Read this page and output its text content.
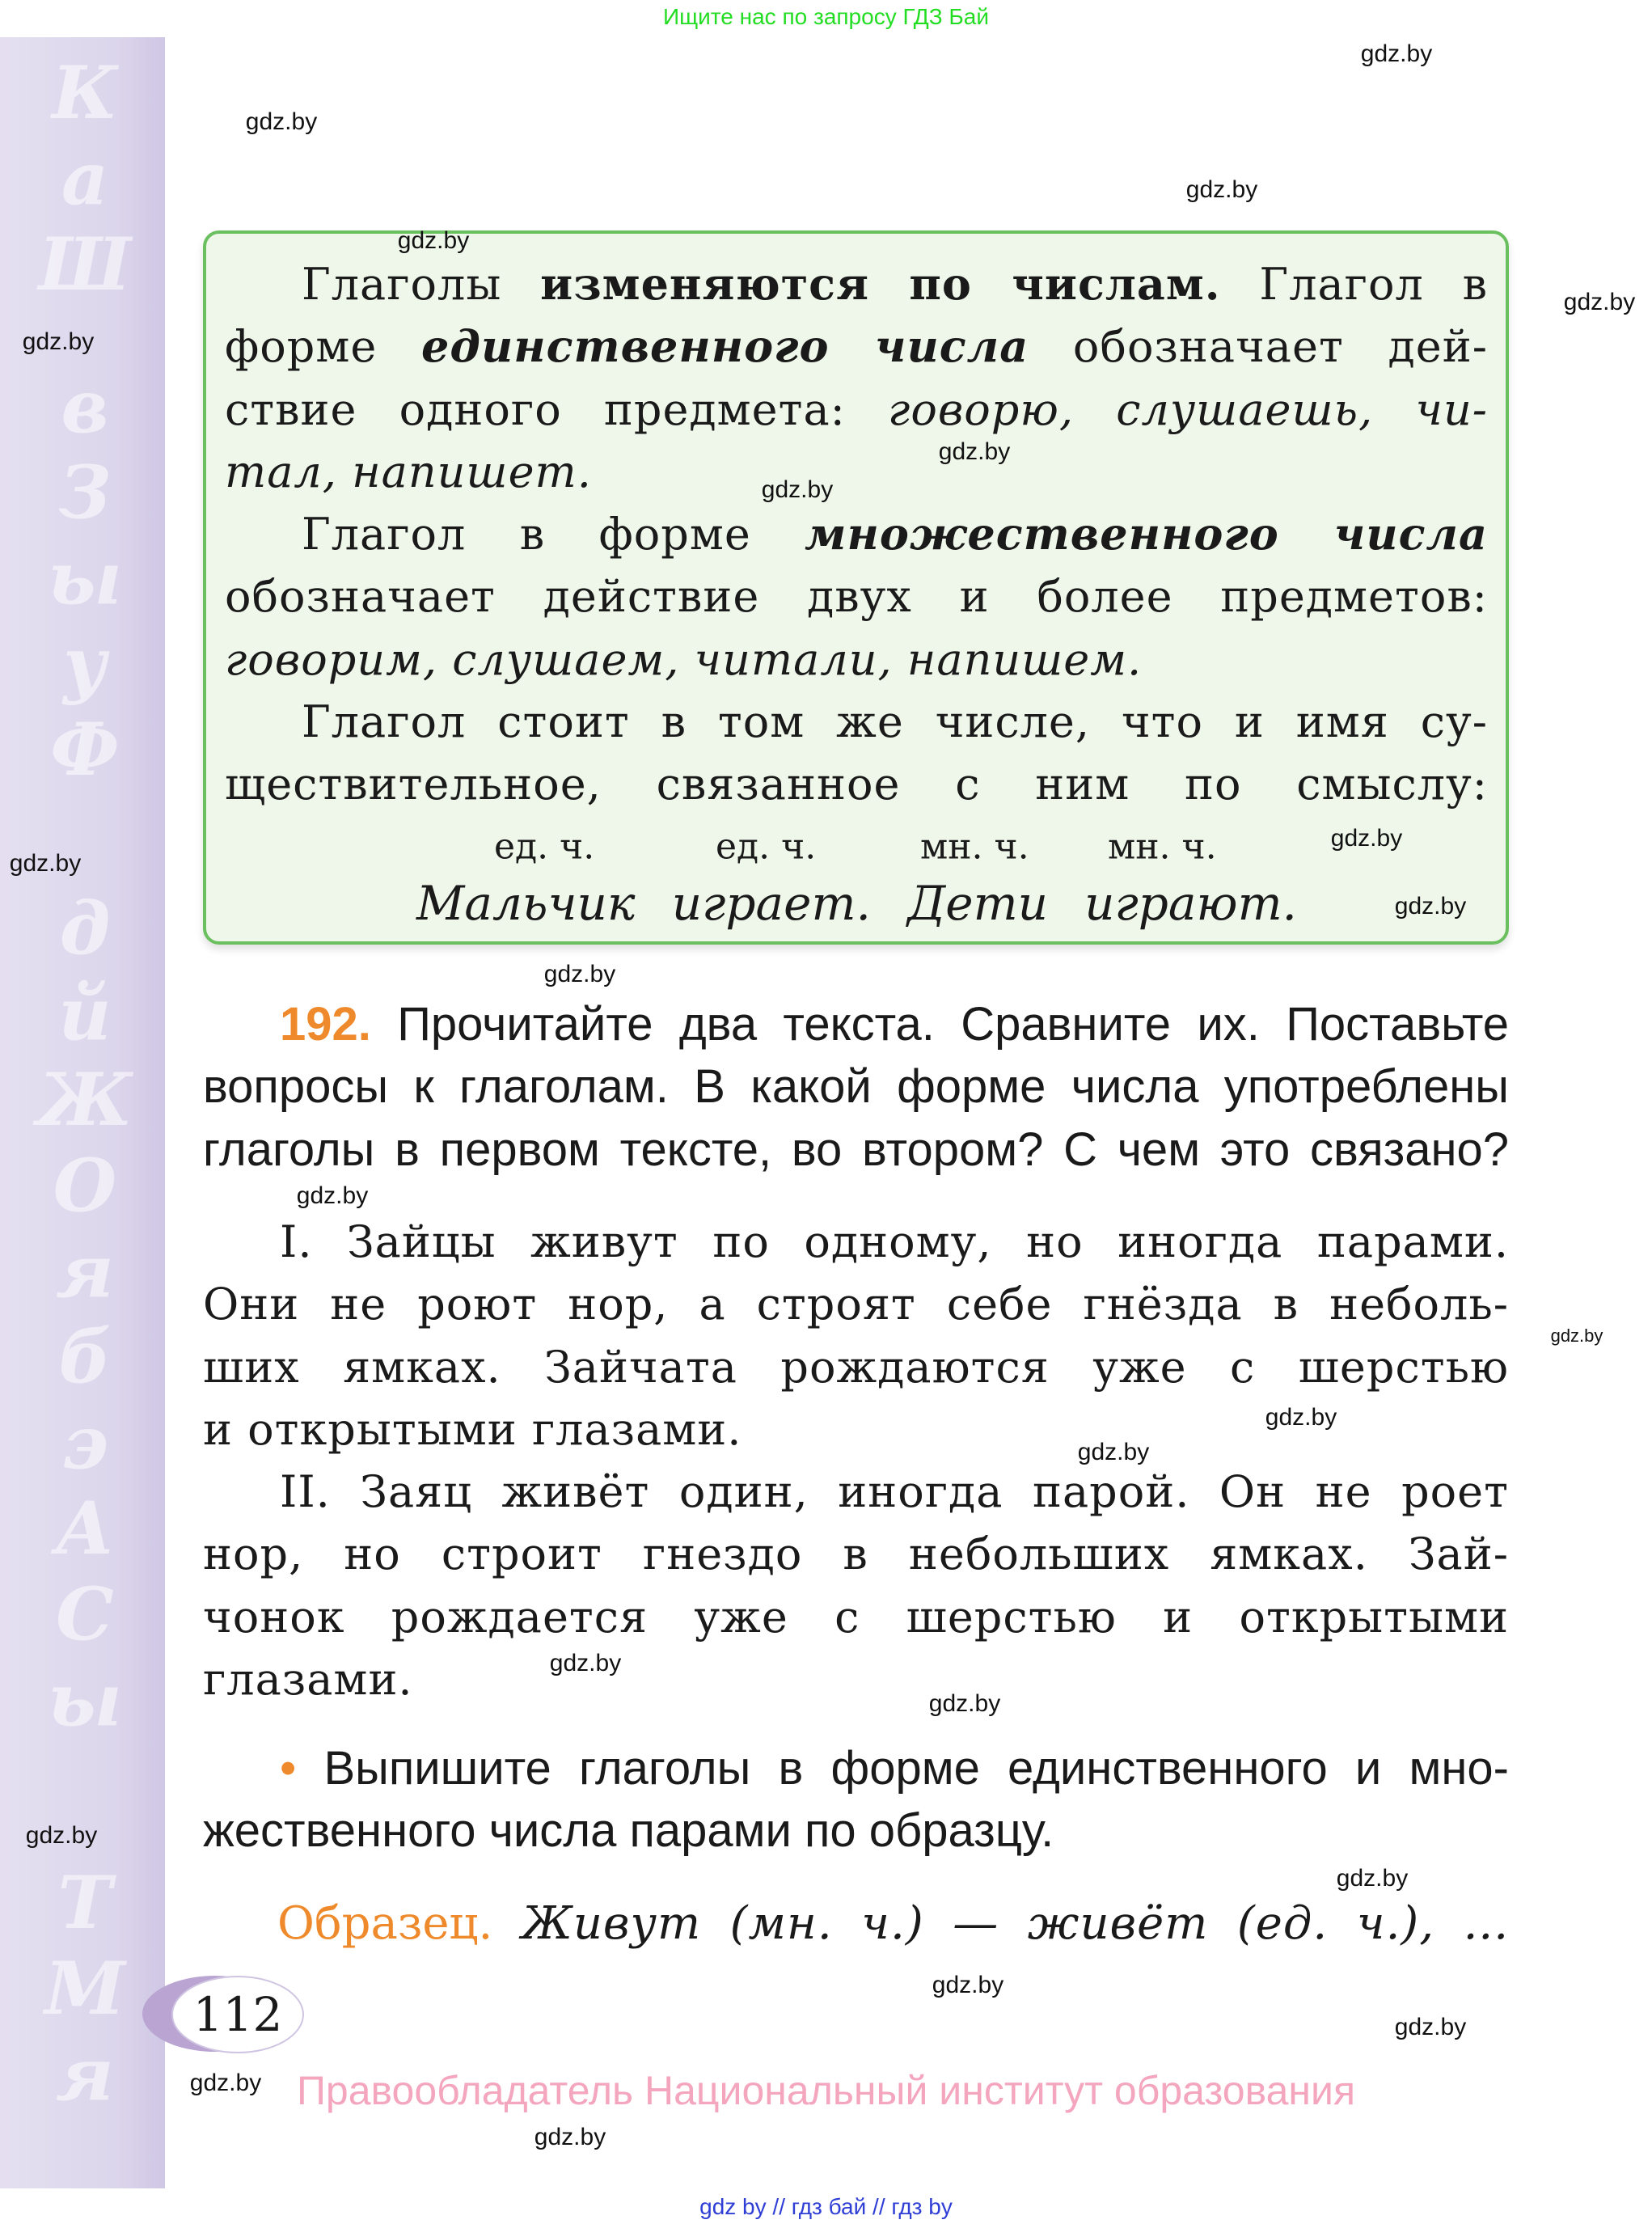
Ищите нас по запросу ГДЗ Бай
К
а
Ш
в
З
ы
у
Ф
д
й
Ж
О
я
б
э
А
С
ы
Т
М
я
Глаголы изменяются по числам. Глагол в
форме единственного числа обозначает дей-
ствие одного предмета: говорю, слушаешь, чи-
тал, напишет.
Глагол в форме множественного числа
обозначает действие двух и более предметов:
говорим, слушаем, читали, напишем.
Глагол стоит в том же числе, что и имя су-
ществительное, связанное с ним по смыслу:
ед. ч.	ед. ч.	мн. ч. мн. ч.
Мальчик играет. Дети играют.
192. Прочитайте два текста. Сравните их. Поставьте
вопросы к глаголам. В какой форме числа употреблены
глаголы в первом тексте, во втором? С чем это связано?
I. Зайцы живут по одному, но иногда парами.
Они не роют нор, а строят себе гнёзда в неболь-
ших ямках. Зайчата рождаются уже с шерстью
и открытыми глазами.
II. Заяц живёт один, иногда парой. Он не роет
нор, но строит гнездо в небольших ямках. Зай-
чонок рождается уже с шерстью и открытыми
глазами.
• Выпишите глаголы в форме единственного и мно-
жественного числа парами по образцу.
Образец. Живут (мн. ч.) — живёт (ед. ч.), ...
112
Правообладатель Национальный институт образования
gdz by // гдз бай // гдз by
gdz.by
gdz.by
gdz.by
gdz.by
gdz.by
gdz.by
gdz.by
gdz.by
gdz.by
gdz.by
gdz.by
gdz.by
gdz.by
gdz.by
gdz.by
gdz.by
gdz.by
gdz.by
gdz.by
gdz.by
gdz.by
gdz.by
gdz.by
gdz.by
